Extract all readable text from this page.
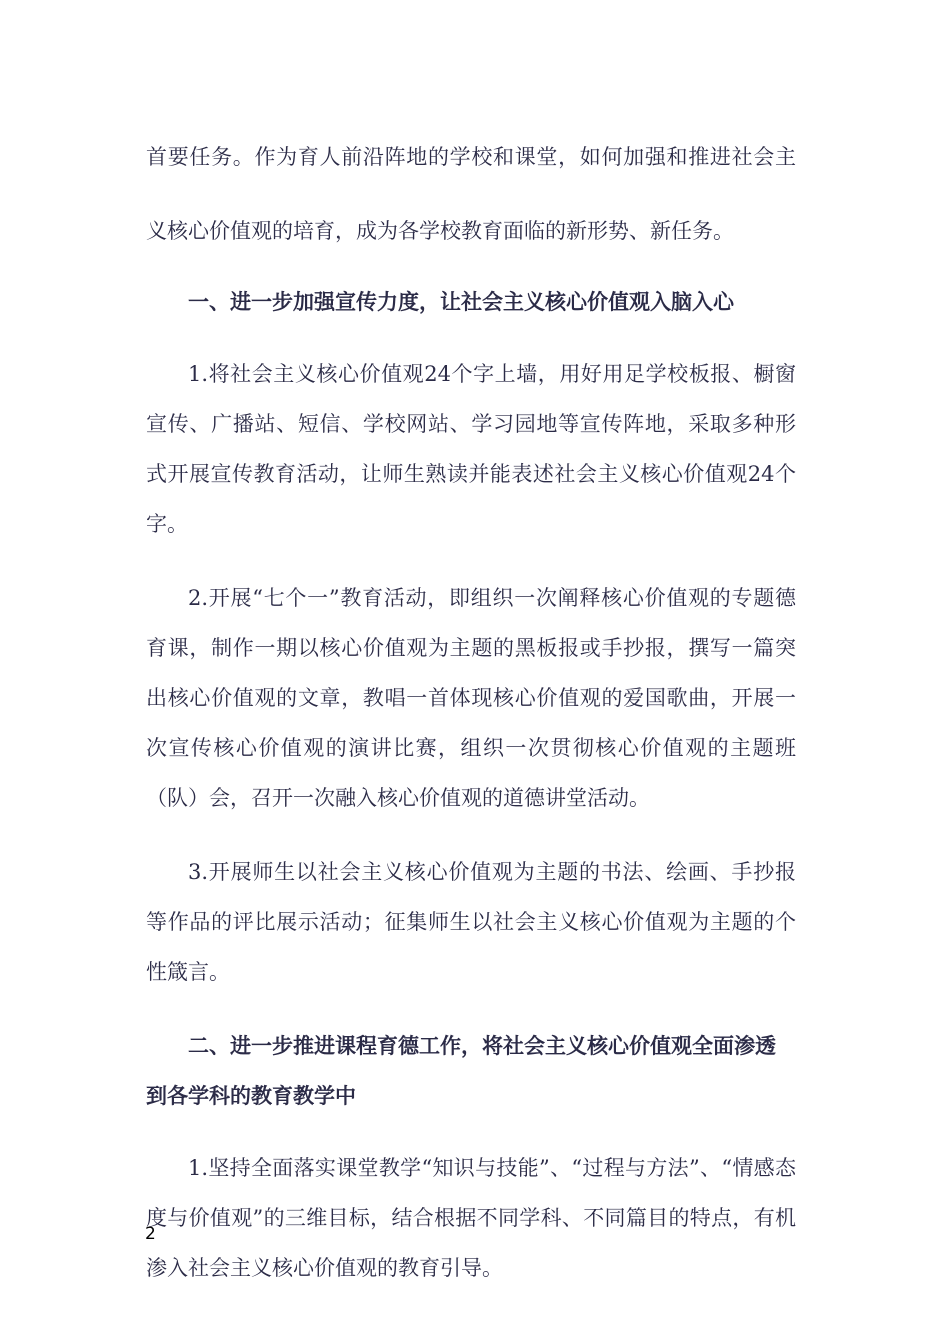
首要任务。作为育人前沿阵地的学校和课堂，如何加强和推进社会主义核心价值观的培育，成为各学校教育面临的新形势、新任务。

一、进一步加强宣传力度，让社会主义核心价值观入脑入心

1.将社会主义核心价值观24个字上墙，用好用足学校板报、橱窗宣传、广播站、短信、学校网站、学习园地等宣传阵地，采取多种形式开展宣传教育活动，让师生熟读并能表述社会主义核心价值观24个字。

2.开展“七个一”教育活动，即组织一次阐释核心价值观的专题德育课，制作一期以核心价值观为主题的黑板报或手抄报，撰写一篇突出核心价值观的文章，教唱一首体现核心价值观的爱国歌曲，开展一次宣传核心价值观的演讲比赛，组织一次贯彻核心价值观的主题班（队）会，召开一次融入核心价值观的道德讲堂活动。

3.开展师生以社会主义核心价值观为主题的书法、绘画、手抄报等作品的评比展示活动；征集师生以社会主义核心价值观为主题的个性箴言。

二、进一步推进课程育德工作，将社会主义核心价值观全面渗透到各学科的教育教学中

1.坚持全面落实课堂教学“知识与技能”、“过程与方法”、“情感态度与价值观”的三维目标，结合根据不同学科、不同篇目的特点，有机渗入社会主义核心价值观的教育引导。

2
